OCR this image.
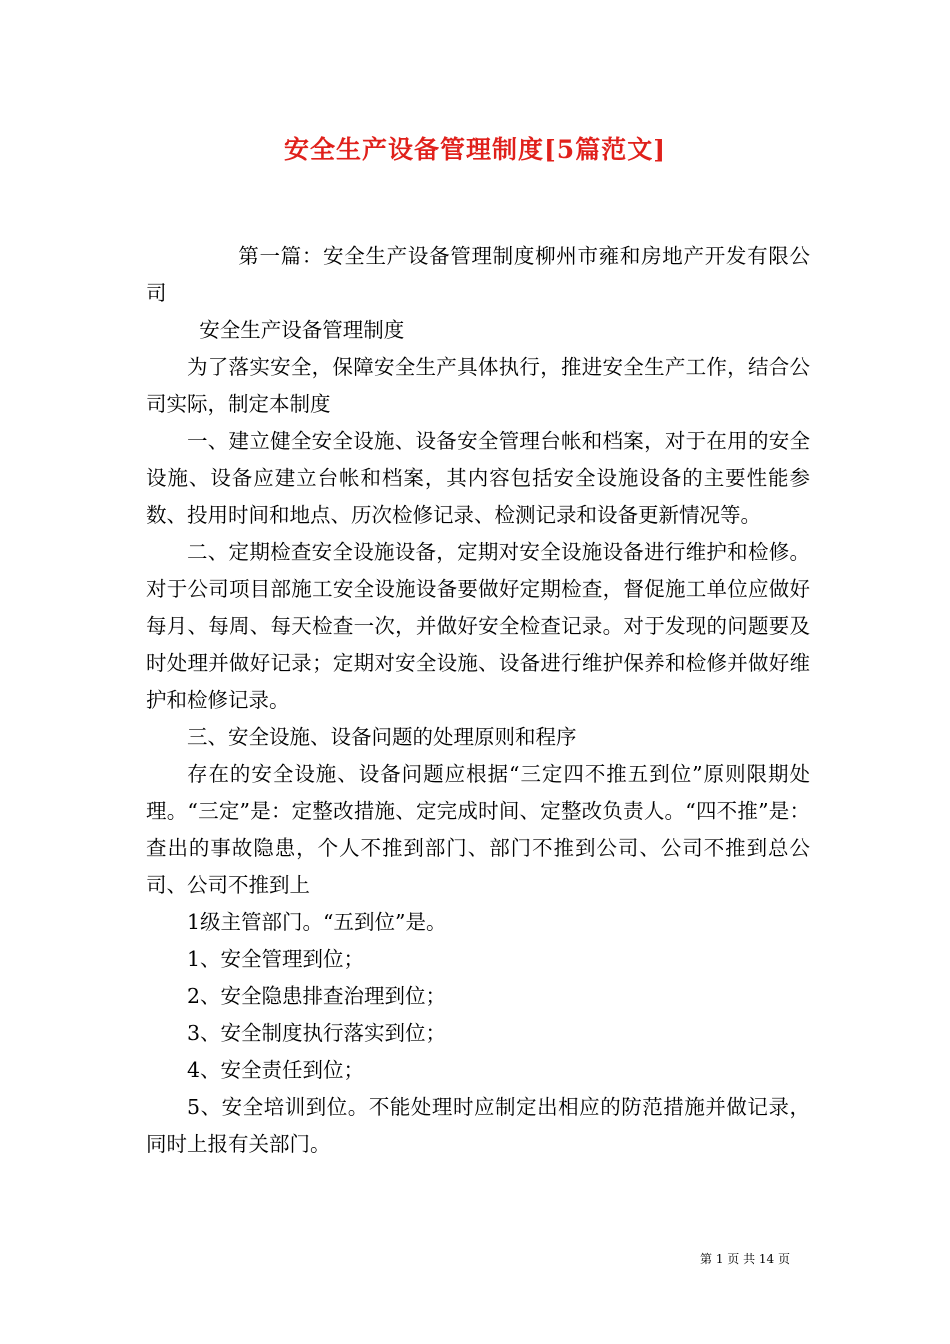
安全生产设备管理制度[5篇范文]

第一篇：安全生产设备管理制度柳州市雍和房地产开发有限公司

安全生产设备管理制度

为了落实安全，保障安全生产具体执行，推进安全生产工作，结合公司实际，制定本制度

一、建立健全安全设施、设备安全管理台帐和档案，对于在用的安全设施、设备应建立台帐和档案，其内容包括安全设施设备的主要性能参数、投用时间和地点、历次检修记录、检测记录和设备更新情况等。

二、定期检查安全设施设备，定期对安全设施设备进行维护和检修。对于公司项目部施工安全设施设备要做好定期检查，督促施工单位应做好每月、每周、每天检查一次，并做好安全检查记录。对于发现的问题要及时处理并做好记录；定期对安全设施、设备进行维护保养和检修并做好维护和检修记录。

三、安全设施、设备问题的处理原则和程序

存在的安全设施、设备问题应根据“三定四不推五到位”原则限期处理。“三定”是：定整改措施、定完成时间、定整改负责人。“四不推”是：查出的事故隐患，个人不推到部门、部门不推到公司、公司不推到总公司、公司不推到上

1级主管部门。“五到位”是。

1、安全管理到位；

2、安全隐患排查治理到位；

3、安全制度执行落实到位；

4、安全责任到位；

5、安全培训到位。不能处理时应制定出相应的防范措施并做记录，同时上报有关部门。

第 1 页 共 14 页
